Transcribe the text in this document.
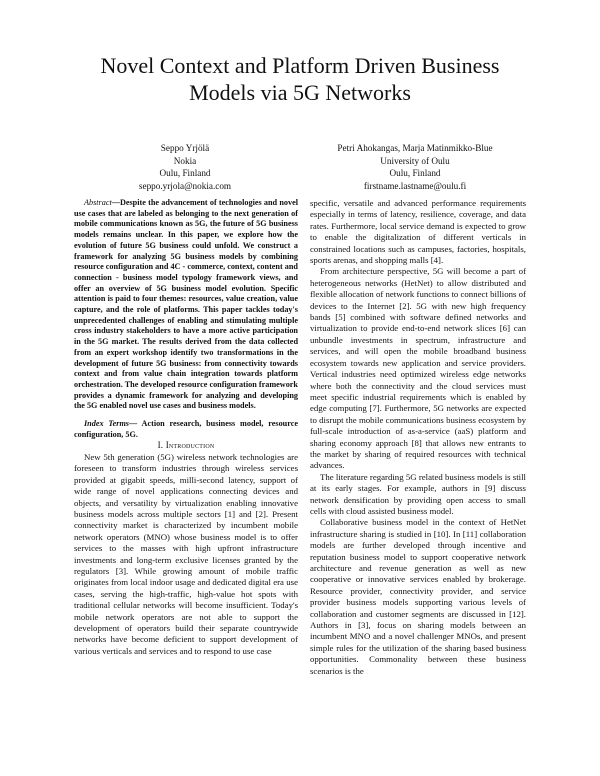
Novel Context and Platform Driven Business
Models via 5G Networks
Seppo Yrjölä
Nokia
Oulu, Finland
seppo.yrjola@nokia.com
Petri Ahokangas, Marja Matinmikko-Blue
University of Oulu
Oulu, Finland
firstname.lastname@oulu.fi

Abstract—Despite the advancement of technologies and novel use cases that are labeled as belonging to the next generation of mobile communications known as 5G, the future of 5G business models remains unclear. In this paper, we explore how the evolution of future 5G business could unfold. We construct a framework for analyzing 5G business models by combining resource configuration and 4C - commerce, context, content and connection - business model typology framework views, and offer an overview of 5G business model evolution. Specific attention is paid to four themes: resources, value creation, value capture, and the role of platforms. This paper tackles today's unprecedented challenges of enabling and stimulating multiple cross industry stakeholders to have a more active participation in the 5G market. The results derived from the data collected from an expert workshop identify two transformations in the development of future 5G business: from connectivity towards context and from value chain integration towards platform orchestration. The developed resource configuration framework provides a dynamic framework for analyzing and developing the 5G enabled novel use cases and business models.

Index Terms— Action research, business model, resource configuration, 5G.

I. Introduction

New 5th generation (5G) wireless network technologies are foreseen to transform industries through wireless services provided at gigabit speeds, milli-second latency, support of wide range of novel applications connecting devices and objects, and versatility by virtualization enabling innovative business models across multiple sectors [1] and [2]. Present connectivity market is characterized by incumbent mobile network operators (MNO) whose business model is to offer services to the masses with high upfront infrastructure investments and long-term exclusive licenses granted by the regulators [3]. While growing amount of mobile traffic originates from local indoor usage and dedicated digital era use cases, serving the high-traffic, high-value hot spots with traditional cellular networks will become insufficient. Today's mobile network operators are not able to support the development of operators build their separate countrywide networks have become deficient to support development of various verticals and services and to respond to use case

specific, versatile and advanced performance requirements especially in terms of latency, resilience, coverage, and data rates. Furthermore, local service demand is expected to grow to enable the digitalization of different verticals in constrained locations such as campuses, factories, hospitals, sports arenas, and shopping malls [4].

From architecture perspective, 5G will become a part of heterogeneous networks (HetNet) to allow distributed and flexible allocation of network functions to connect billions of devices to the Internet [2]. 5G with new high frequency bands [5] combined with software defined networks and virtualization to provide end-to-end network slices [6] can unbundle investments in spectrum, infrastructure and services, and will open the mobile broadband business ecosystem towards new application and service providers. Vertical industries need optimized wireless edge networks where both the connectivity and the cloud services must meet specific industrial requirements which is enabled by edge computing [7]. Furthermore, 5G networks are expected to disrupt the mobile communications business ecosystem by full-scale introduction of as-a-service (aaS) platform and sharing economy approach [8] that allows new entrants to the market by sharing of required resources with technical advances.

The literature regarding 5G related business models is still at its early stages. For example, authors in [9] discuss network densification by providing open access to small cells with cloud assisted business model.

Collaborative business model in the context of HetNet infrastructure sharing is studied in [10]. In [11] collaboration models are further developed through incentive and reputation business model to support cooperative network architecture and revenue generation as well as new cooperative or innovative services enabled by brokerage. Resource provider, connectivity provider, and service provider business models supporting various levels of collaboration and customer segments are discussed in [12]. Authors in [3], focus on sharing models between an incumbent MNO and a novel challenger MNOs, and present simple rules for the utilization of the sharing based business opportunities. Commonality between these business scenarios is the
